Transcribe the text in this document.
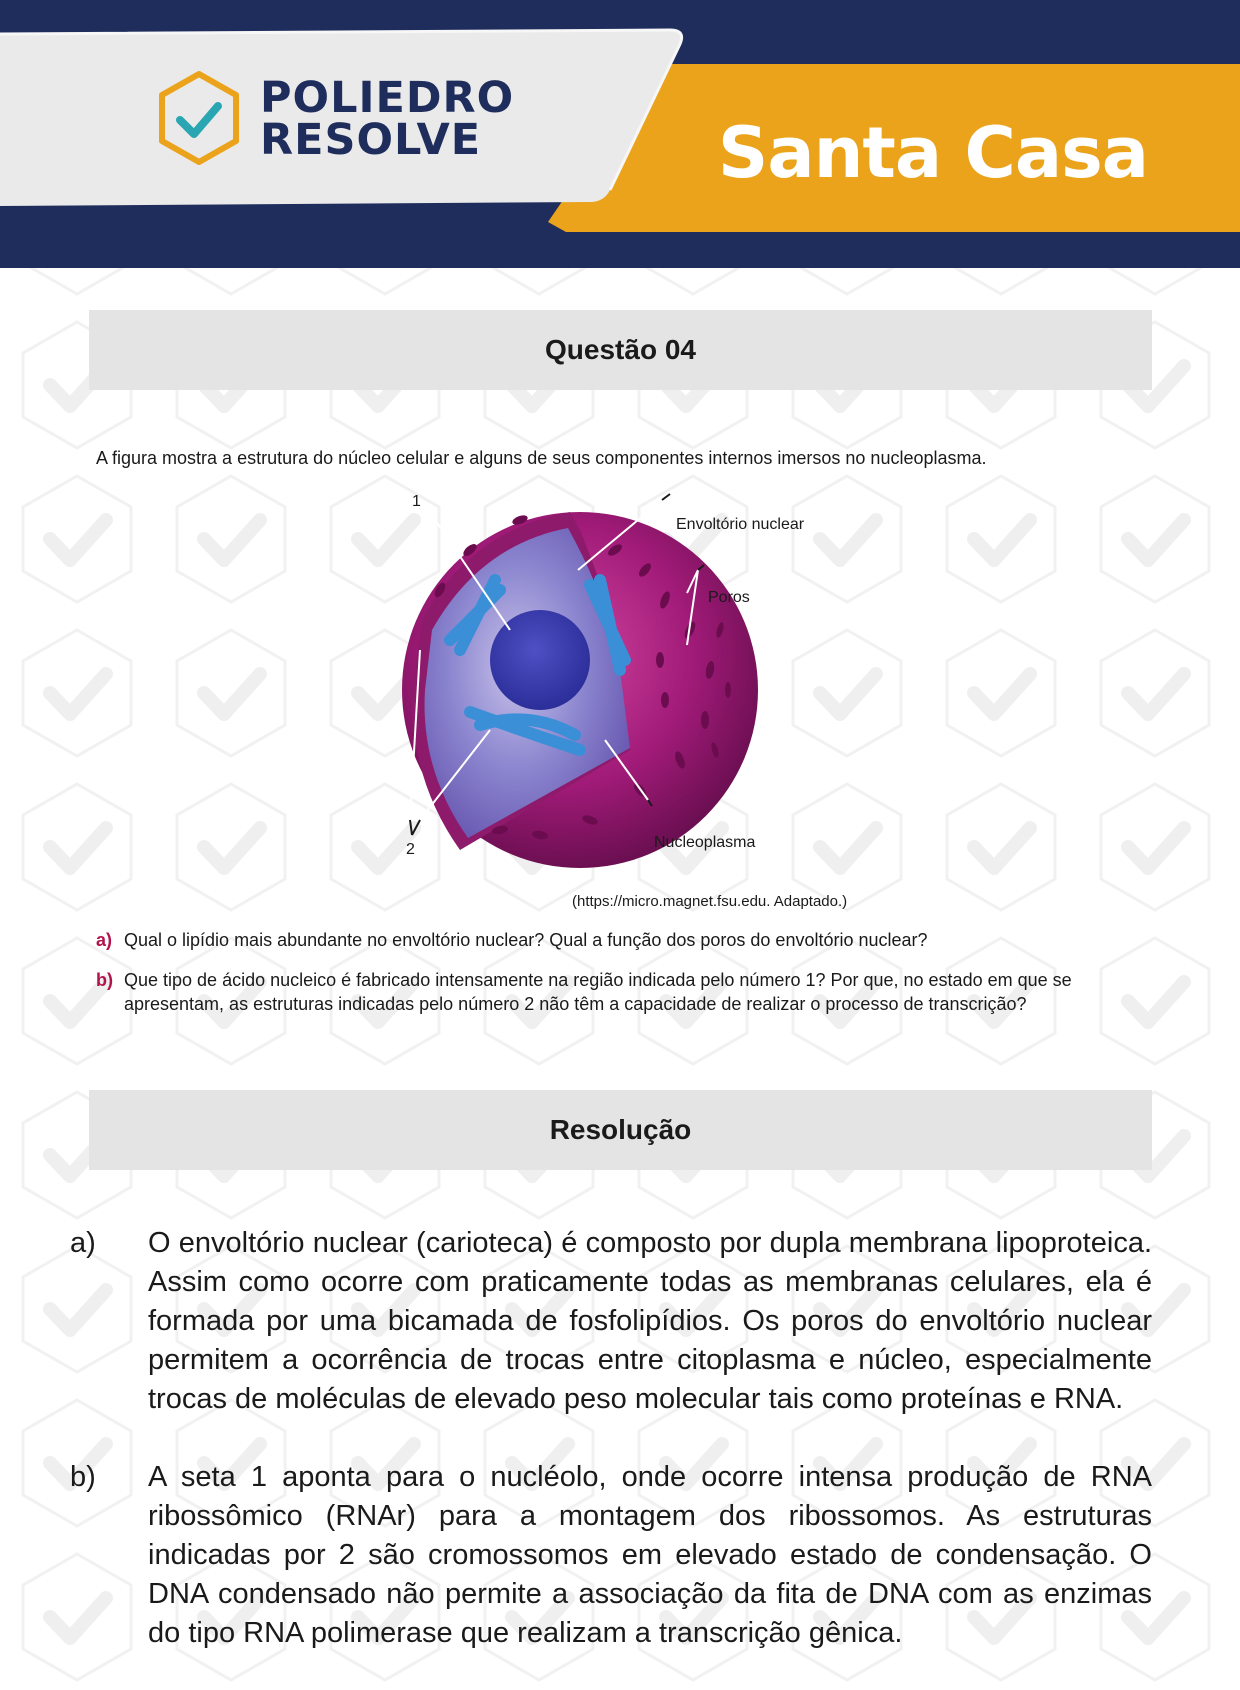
POLIEDRO
RESOLVE	Santa Casa
Questão 04
A figura mostra a estrutura do núcleo celular e alguns de seus componentes internos imersos no nucleoplasma.
1
2
Envoltório nuclear
Poros
Nucleoplasma
(https://micro.magnet.fsu.edu. Adaptado.)
a) Qual o lipídio mais abundante no envoltório nuclear? Qual a função dos poros do envoltório nuclear?
b) Que tipo de ácido nucleico é fabricado intensamente na região indicada pelo número 1? Por que, no estado em que se apresentam, as estruturas indicadas pelo número 2 não têm a capacidade de realizar o processo de transcrição?
Resolução
a)	O envoltório nuclear (carioteca) é composto por dupla membrana lipoproteica. Assim como ocorre com praticamente todas as membranas celulares, ela é formada por uma bicamada de fosfolipídios. Os poros do envoltório nuclear permitem a ocorrência de trocas entre citoplasma e núcleo, especialmente trocas de moléculas de elevado peso molecular tais como proteínas e RNA.
b)	A seta 1 aponta para o nucléolo, onde ocorre intensa produção de RNA ribossômico (RNAr) para a montagem dos ribossomos. As estruturas indicadas por 2 são cromossomos em elevado estado de condensação. O DNA condensado não permite a associação da fita de DNA com as enzimas do tipo RNA polimerase que realizam a transcrição gênica.
